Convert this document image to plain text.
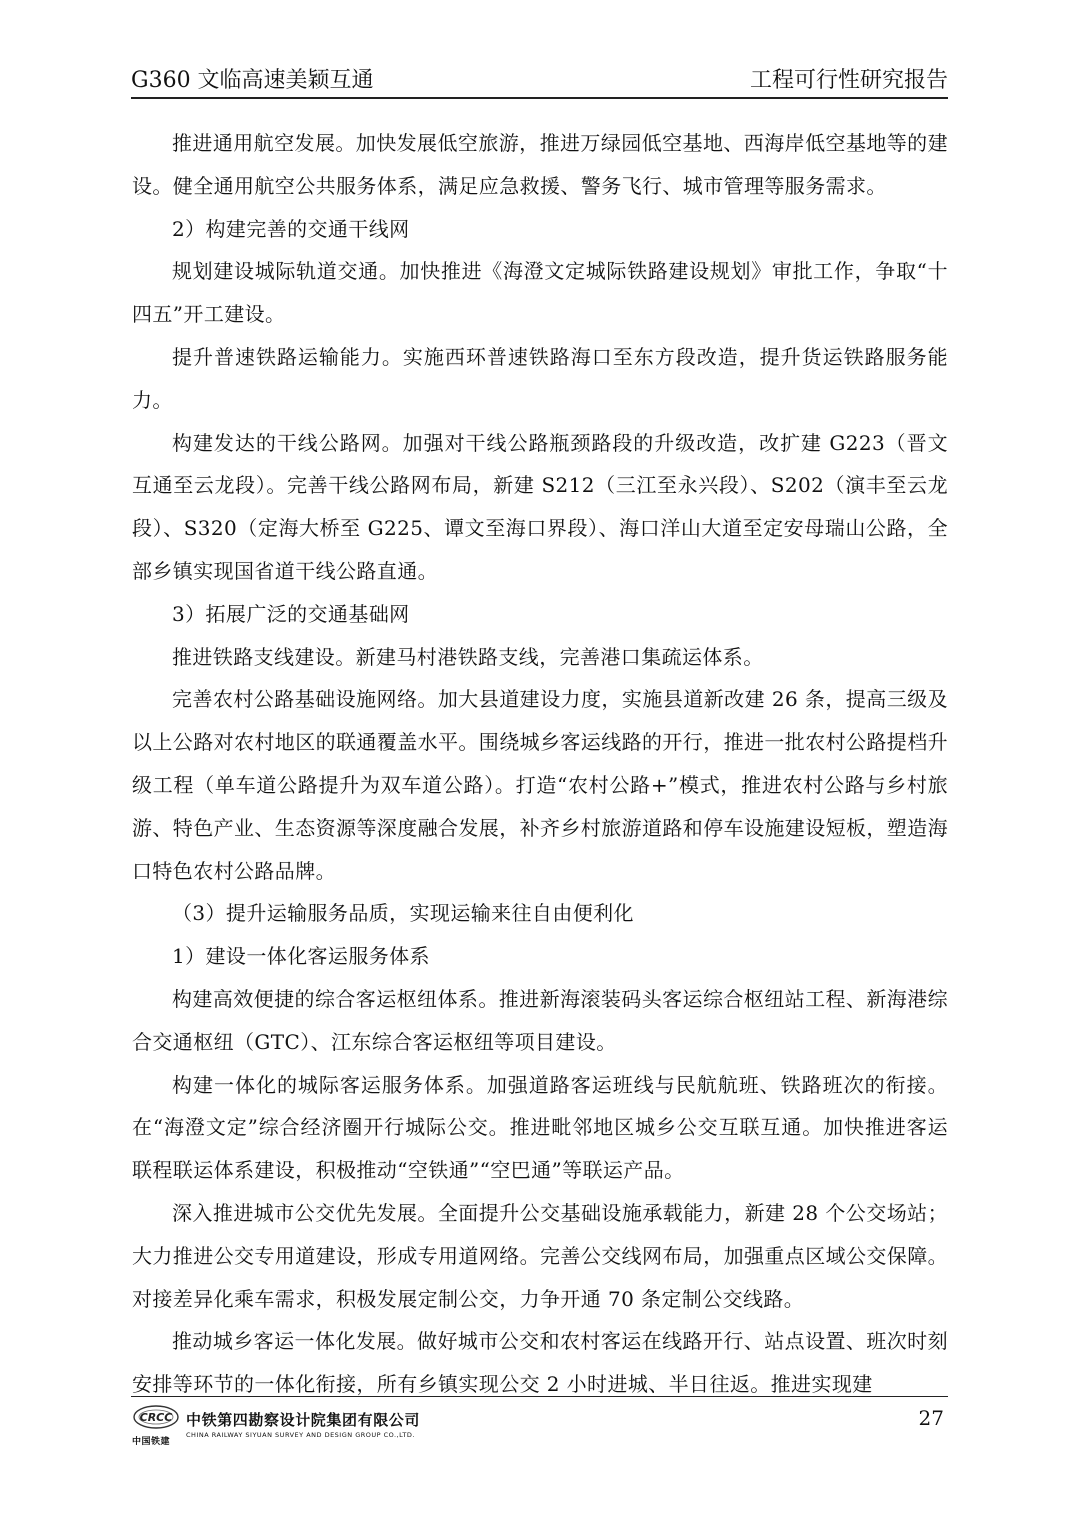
G360 文临高速美颖互通	工程可行性研究报告

推进通用航空发展。加快发展低空旅游，推进万绿园低空基地、西海岸低空基地等的建设。健全通用航空公共服务体系，满足应急救援、警务飞行、城市管理等服务需求。

2）构建完善的交通干线网

规划建设城际轨道交通。加快推进《海澄文定城际铁路建设规划》审批工作，争取“十四五”开工建设。

提升普速铁路运输能力。实施西环普速铁路海口至东方段改造，提升货运铁路服务能力。

构建发达的干线公路网。加强对干线公路瓶颈路段的升级改造，改扩建 G223（晋文互通至云龙段）。完善干线公路网布局，新建 S212（三江至永兴段）、S202（演丰至云龙段）、S320（定海大桥至 G225、谭文至海口界段）、海口洋山大道至定安母瑞山公路，全部乡镇实现国省道干线公路直通。

3）拓展广泛的交通基础网

推进铁路支线建设。新建马村港铁路支线，完善港口集疏运体系。

完善农村公路基础设施网络。加大县道建设力度，实施县道新改建 26 条，提高三级及以上公路对农村地区的联通覆盖水平。围绕城乡客运线路的开行，推进一批农村公路提档升级工程（单车道公路提升为双车道公路）。打造“农村公路+”模式，推进农村公路与乡村旅游、特色产业、生态资源等深度融合发展，补齐乡村旅游道路和停车设施建设短板，塑造海口特色农村公路品牌。

（3）提升运输服务品质，实现运输来往自由便利化

1）建设一体化客运服务体系

构建高效便捷的综合客运枢纽体系。推进新海滚装码头客运综合枢纽站工程、新海港综合交通枢纽（GTC）、江东综合客运枢纽等项目建设。

构建一体化的城际客运服务体系。加强道路客运班线与民航航班、铁路班次的衔接。在“海澄文定”综合经济圈开行城际公交。推进毗邻地区城乡公交互联互通。加快推进客运联程联运体系建设，积极推动“空铁通”“空巴通”等联运产品。

深入推进城市公交优先发展。全面提升公交基础设施承载能力，新建 28 个公交场站；大力推进公交专用道建设，形成专用道网络。完善公交线网布局，加强重点区域公交保障。对接差异化乘车需求，积极发展定制公交，力争开通 70 条定制公交线路。

推动城乡客运一体化发展。做好城市公交和农村客运在线路开行、站点设置、班次时刻安排等环节的一体化衔接，所有乡镇实现公交 2 小时进城、半日往返。推进实现建

CRCC
中国铁建
中铁第四勘察设计院集团有限公司
CHINA RAILWAY SIYUAN SURVEY AND DESIGN GROUP CO.,LTD.
27
